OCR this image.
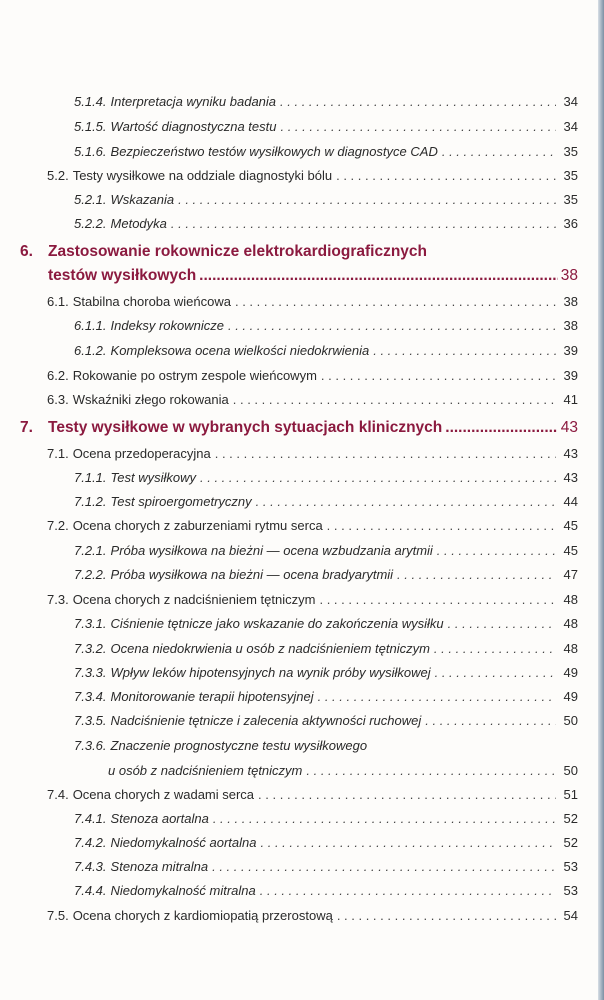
5.1.4. Interpretacja wyniku badania . . .	34
5.1.5. Wartość diagnostyczna testu . . .	34
5.1.6. Bezpieczeństwo testów wysiłkowych w diagnostyce CAD . . .	35
5.2. Testy wysiłkowe na oddziale diagnostyki bólu . . .	35
5.2.1. Wskazania . . .	35
5.2.2. Metodyka . . .	36
6. Zastosowanie rokownicze elektrokardiograficznych
testów wysiłkowych .....	38
6.1. Stabilna choroba wieńcowa . . .	38
6.1.1. Indeksy rokownicze . . .	38
6.1.2. Kompleksowa ocena wielkości niedokrwienia . . .	39
6.2. Rokowanie po ostrym zespole wieńcowym . . .	39
6.3. Wskaźniki złego rokowania . . .	41
7. Testy wysiłkowe w wybranych sytuacjach klinicznych .....	43
7.1. Ocena przedoperacyjna . . .	43
7.1.1. Test wysiłkowy . . .	43
7.1.2. Test spiroergometryczny . . .	44
7.2. Ocena chorych z zaburzeniami rytmu serca . . .	45
7.2.1. Próba wysiłkowa na bieżni — ocena wzbudzania arytmii . . .	45
7.2.2. Próba wysiłkowa na bieżni — ocena bradyarytmii . . .	47
7.3. Ocena chorych z nadciśnieniem tętniczym . . .	48
7.3.1. Ciśnienie tętnicze jako wskazanie do zakończenia wysiłku . . .	48
7.3.2. Ocena niedokrwienia u osób z nadciśnieniem tętniczym . . .	48
7.3.3. Wpływ leków hipotensyjnych na wynik próby wysiłkowej . . .	49
7.3.4. Monitorowanie terapii hipotensyjnej . . .	49
7.3.5. Nadciśnienie tętnicze i zalecenia aktywności ruchowej . . .	50
7.3.6. Znaczenie prognostyczne testu wysiłkowego
u osób z nadciśnieniem tętniczym . . .	50
7.4. Ocena chorych z wadami serca . . .	51
7.4.1. Stenoza aortalna . . .	52
7.4.2. Niedomykalność aortalna . . .	52
7.4.3. Stenoza mitralna . . .	53
7.4.4. Niedomykalność mitralna . . .	53
7.5. Ocena chorych z kardiomiopatią przerostową . . .	54
